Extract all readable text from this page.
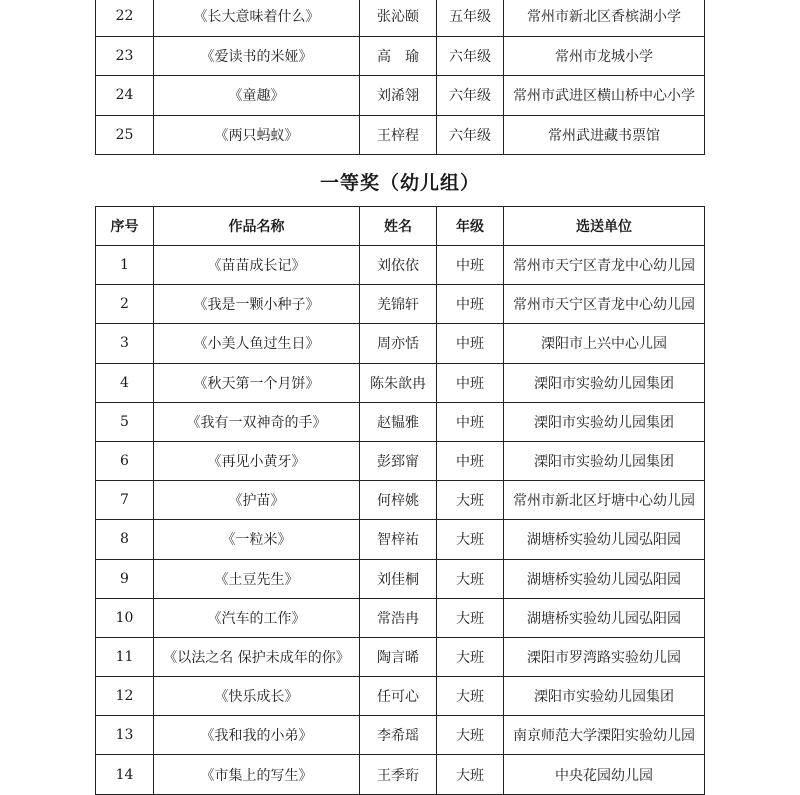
22	《长大意味着什么》	张沁颐	五年级	常州市新北区香槟湖小学
23	《爱读书的米娅》	高　瑜	六年级	常州市龙城小学
24	《童趣》	刘浠翎	六年级	常州市武进区横山桥中心小学
25	《两只蚂蚁》	王梓程	六年级	常州武进藏书票馆
一等奖（幼儿组）
序号	作品名称	姓名	年级	选送单位
1	《苗苗成长记》	刘依依	中班	常州市天宁区青龙中心幼儿园
2	《我是一颗小种子》	羌锦轩	中班	常州市天宁区青龙中心幼儿园
3	《小美人鱼过生日》	周亦恬	中班	溧阳市上兴中心儿园
4	《秋天第一个月饼》	陈朱歆冉	中班	溧阳市实验幼儿园集团
5	《我有一双神奇的手》	赵韫雅	中班	溧阳市实验幼儿园集团
6	《再见小黄牙》	彭郅甯	中班	溧阳市实验幼儿园集团
7	《护苗》	何梓姚	大班	常州市新北区圩塘中心幼儿园
8	《一粒米》	智梓祐	大班	湖塘桥实验幼儿园弘阳园
9	《土豆先生》	刘佳桐	大班	湖塘桥实验幼儿园弘阳园
10	《汽车的工作》	常浩冉	大班	湖塘桥实验幼儿园弘阳园
11	《以法之名 保护未成年的你》	陶言晞	大班	溧阳市罗湾路实验幼儿园
12	《快乐成长》	任可心	大班	溧阳市实验幼儿园集团
13	《我和我的小弟》	李希瑶	大班	南京师范大学溧阳实验幼儿园
14	《市集上的写生》	王季珩	大班	中央花园幼儿园
